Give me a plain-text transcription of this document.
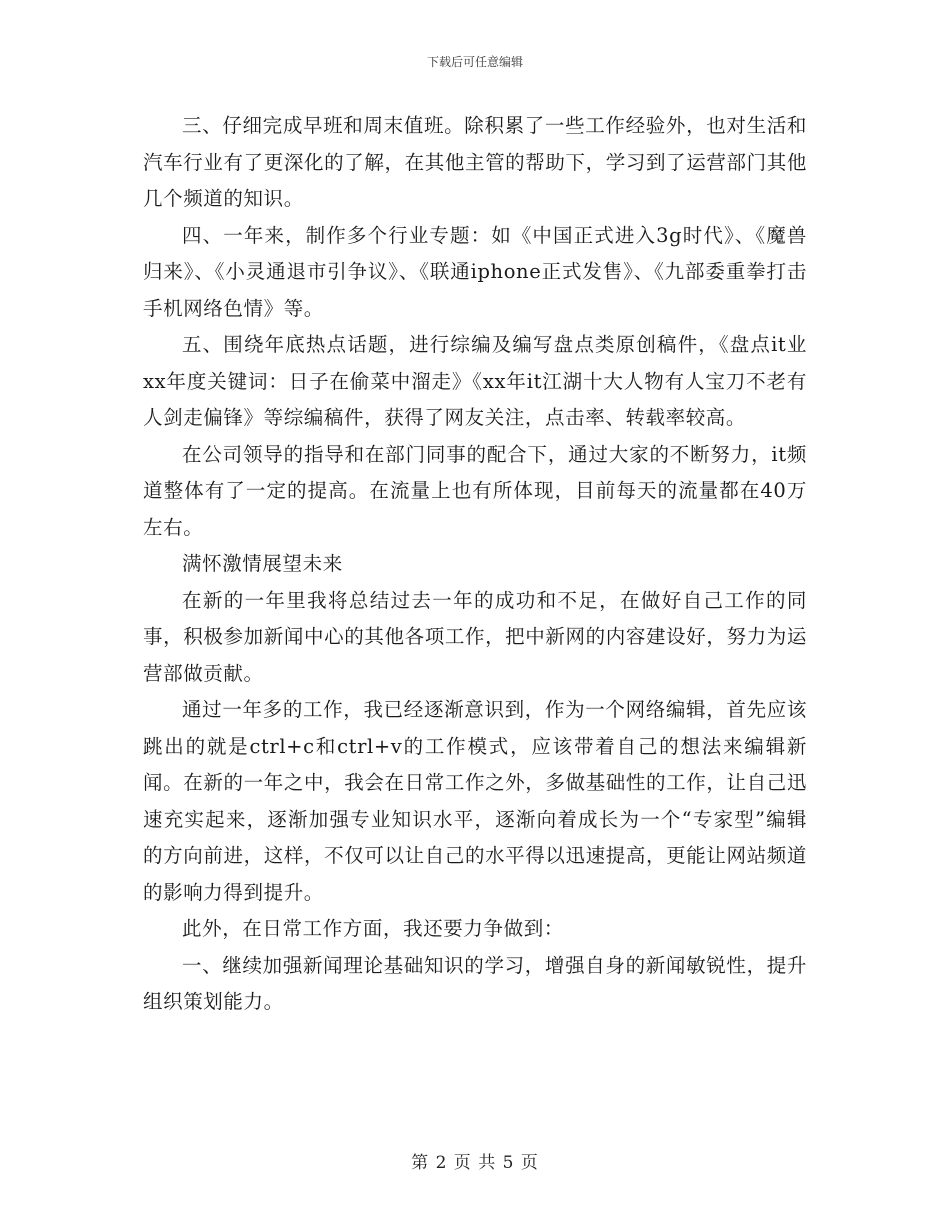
下载后可任意编辑

三、仔细完成早班和周末值班。除积累了一些工作经验外，也对生活和汽车行业有了更深化的了解，在其他主管的帮助下，学习到了运营部门其他几个频道的知识。

四、一年来，制作多个行业专题：如《中国正式进入3g时代》、《魔兽归来》、《小灵通退市引争议》、《联通iphone正式发售》、《九部委重拳打击手机网络色情》等。

五、围绕年底热点话题，进行综编及编写盘点类原创稿件，《盘点it业xx年度关键词：日子在偷菜中溜走》《xx年it江湖十大人物有人宝刀不老有人剑走偏锋》等综编稿件，获得了网友关注，点击率、转载率较高。

在公司领导的指导和在部门同事的配合下，通过大家的不断努力，it频道整体有了一定的提高。在流量上也有所体现，目前每天的流量都在40万左右。

满怀激情展望未来

在新的一年里我将总结过去一年的成功和不足，在做好自己工作的同事，积极参加新闻中心的其他各项工作，把中新网的内容建设好，努力为运营部做贡献。

通过一年多的工作，我已经逐渐意识到，作为一个网络编辑，首先应该跳出的就是ctrl+c和ctrl+v的工作模式，应该带着自己的想法来编辑新闻。在新的一年之中，我会在日常工作之外，多做基础性的工作，让自己迅速充实起来，逐渐加强专业知识水平，逐渐向着成长为一个“专家型”编辑的方向前进，这样，不仅可以让自己的水平得以迅速提高，更能让网站频道的影响力得到提升。

此外，在日常工作方面，我还要力争做到：

一、继续加强新闻理论基础知识的学习，增强自身的新闻敏锐性，提升组织策划能力。

第 2 页 共 5 页
